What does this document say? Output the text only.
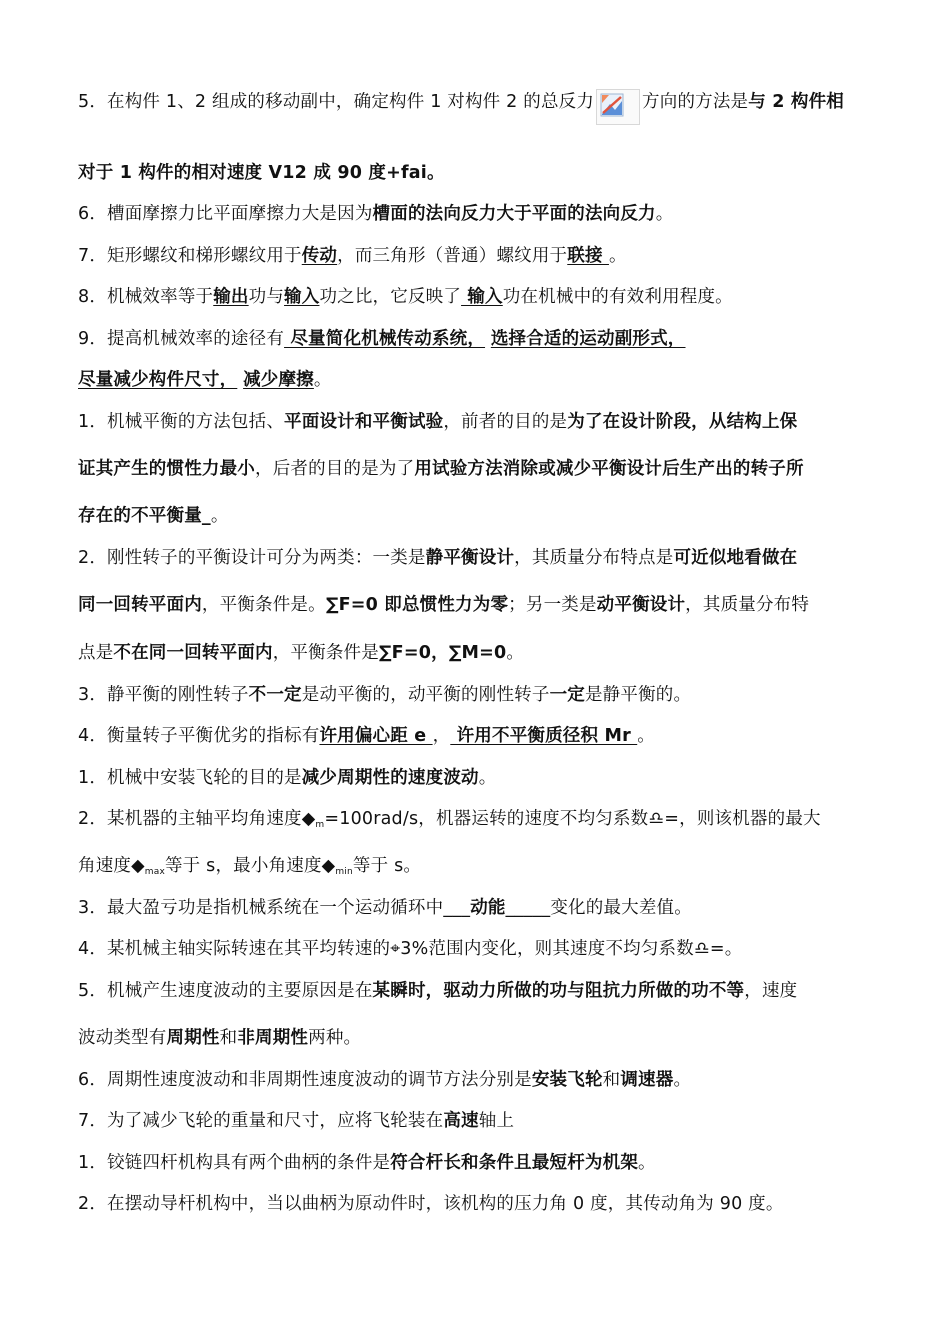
5．在构件 1、2 组成的移动副中，确定构件 1 对构件 2 的总反力	方向的方法是与 2 构件相
对于 1 构件的相对速度 V12 成 90 度+fai。
6．槽面摩擦力比平面摩擦力大是因为槽面的法向反力大于平面的法向反力。
7．矩形螺纹和梯形螺纹用于传动，而三角形（普通）螺纹用于联接 。
8．机械效率等于输出功与输入功之比，它反映了 输入功在机械中的有效利用程度。
9．提高机械效率的途径有 尽量简化机械传动系统， 选择合适的运动副形式，
尽量减少构件尺寸， 减少摩擦。
1．机械平衡的方法包括、平面设计和平衡试验，前者的目的是为了在设计阶段，从结构上保
证其产生的惯性力最小，后者的目的是为了用试验方法消除或减少平衡设计后生产出的转子所
存在的不平衡量_。
2．刚性转子的平衡设计可分为两类：一类是静平衡设计，其质量分布特点是可近似地看做在
同一回转平面内，平衡条件是。∑F=0 即总惯性力为零；另一类是动平衡设计，其质量分布特
点是不在同一回转平面内，平衡条件是∑F=0，∑M=0。
3．静平衡的刚性转子不一定是动平衡的，动平衡的刚性转子一定是静平衡的。
4．衡量转子平衡优劣的指标有许用偏心距 e ， 许用不平衡质径积 Mr 。
1．机械中安装飞轮的目的是减少周期性的速度波动。
2．某机器的主轴平均角速度$◆_m=100rad/s$，机器运转的速度不均匀系数♎=，则该机器的最大
角速度$◆_{max}$等于 s，最小角速度$◆_{min}$等于 s。
3．最大盈亏功是指机械系统在一个运动循环中___动能_____变化的最大差值。
4．某机械主轴实际转速在其平均转速的⌖3%范围内变化，则其速度不均匀系数♎=。
5．机械产生速度波动的主要原因是在某瞬时，驱动力所做的功与阻抗力所做的功不等，速度
波动类型有周期性和非周期性两种。
6．周期性速度波动和非周期性速度波动的调节方法分别是安装飞轮和调速器。
7．为了减少飞轮的重量和尺寸，应将飞轮装在高速轴上
1．铰链四杆机构具有两个曲柄的条件是符合杆长和条件且最短杆为机架。
2．在摆动导杆机构中，当以曲柄为原动件时，该机构的压力角 0 度，其传动角为 90 度。
